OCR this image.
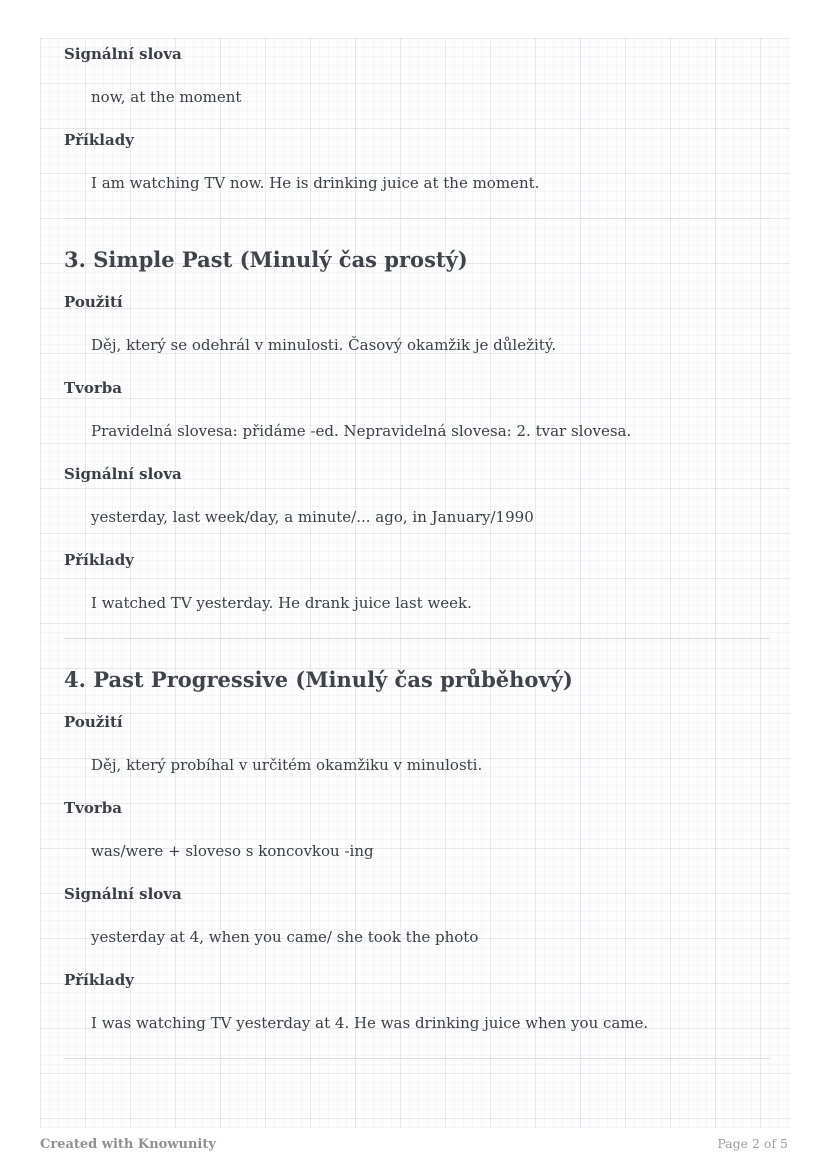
Signální slova
now, at the moment
Příklady
I am watching TV now. He is drinking juice at the moment.
3. Simple Past (Minulý čas prostý)
Použití
Děj, který se odehrál v minulosti. Časový okamžik je důležitý.
Tvorba
Pravidelná slovesa: přidáme -ed. Nepravidelná slovesa: 2. tvar slovesa.
Signální slova
yesterday, last week/day, a minute/... ago, in January/1990
Příklady
I watched TV yesterday. He drank juice last week.
4. Past Progressive (Minulý čas průběhový)
Použití
Děj, který probíhal v určitém okamžiku v minulosti.
Tvorba
was/were + sloveso s koncovkou -ing
Signální slova
yesterday at 4, when you came/ she took the photo
Příklady
I was watching TV yesterday at 4. He was drinking juice when you came.
Created with Knowunity	Page 2 of 5
